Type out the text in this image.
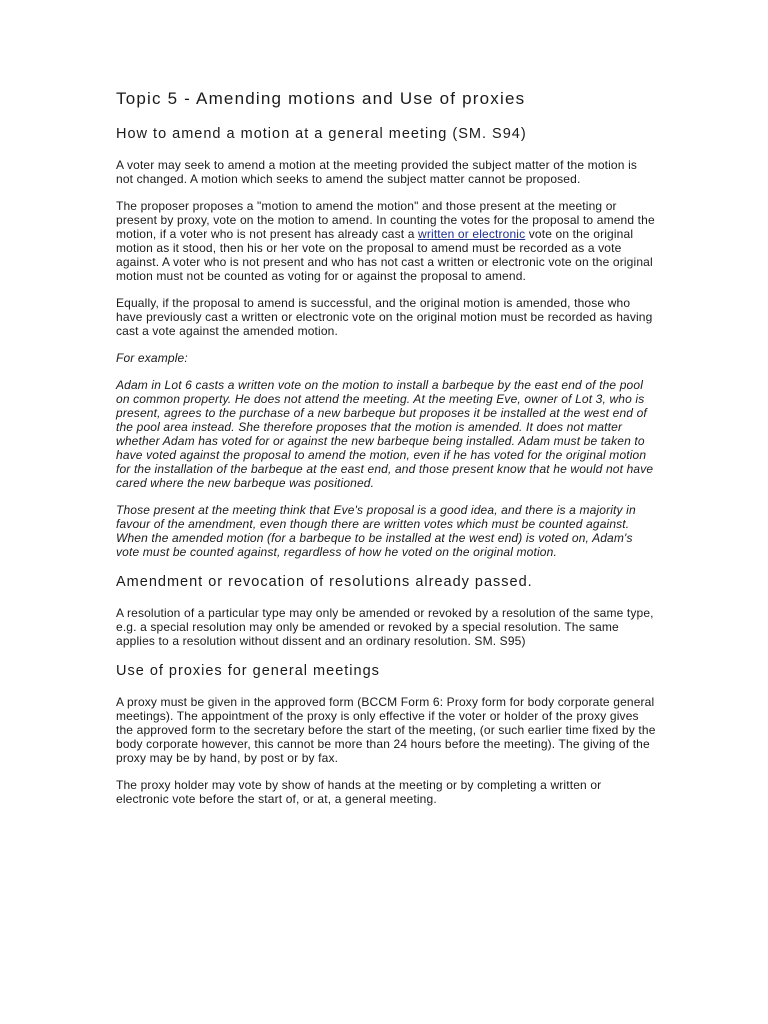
Topic 5 - Amending motions and Use of proxies
How to amend a motion at a general meeting (SM. S94)

A voter may seek to amend a motion at the meeting provided the subject matter of the motion is not changed. A motion which seeks to amend the subject matter cannot be proposed.

The proposer proposes a "motion to amend the motion" and those present at the meeting or present by proxy, vote on the motion to amend. In counting the votes for the proposal to amend the motion, if a voter who is not present has already cast a written or electronic vote on the original motion as it stood, then his or her vote on the proposal to amend must be recorded as a vote against. A voter who is not present and who has not cast a written or electronic vote on the original motion must not be counted as voting for or against the proposal to amend.

Equally, if the proposal to amend is successful, and the original motion is amended, those who have previously cast a written or electronic vote on the original motion must be recorded as having cast a vote against the amended motion.

For example:

Adam in Lot 6 casts a written vote on the motion to install a barbeque by the east end of the pool on common property. He does not attend the meeting. At the meeting Eve, owner of Lot 3, who is present, agrees to the purchase of a new barbeque but proposes it be installed at the west end of the pool area instead. She therefore proposes that the motion is amended. It does not matter whether Adam has voted for or against the new barbeque being installed. Adam must be taken to have voted against the proposal to amend the motion, even if he has voted for the original motion for the installation of the barbeque at the east end, and those present know that he would not have cared where the new barbeque was positioned.

Those present at the meeting think that Eve's proposal is a good idea, and there is a majority in favour of the amendment, even though there are written votes which must be counted against. When the amended motion (for a barbeque to be installed at the west end) is voted on, Adam's vote must be counted against, regardless of how he voted on the original motion.

Amendment or revocation of resolutions already passed.

A resolution of a particular type may only be amended or revoked by a resolution of the same type, e.g. a special resolution may only be amended or revoked by a special resolution. The same applies to a resolution without dissent and an ordinary resolution. SM. S95)

Use of proxies for general meetings

A proxy must be given in the approved form (BCCM Form 6: Proxy form for body corporate general meetings). The appointment of the proxy is only effective if the voter or holder of the proxy gives the approved form to the secretary before the start of the meeting, (or such earlier time fixed by the body corporate however, this cannot be more than 24 hours before the meeting). The giving of the proxy may be by hand, by post or by fax.

The proxy holder may vote by show of hands at the meeting or by completing a written or electronic vote before the start of, or at, a general meeting.
